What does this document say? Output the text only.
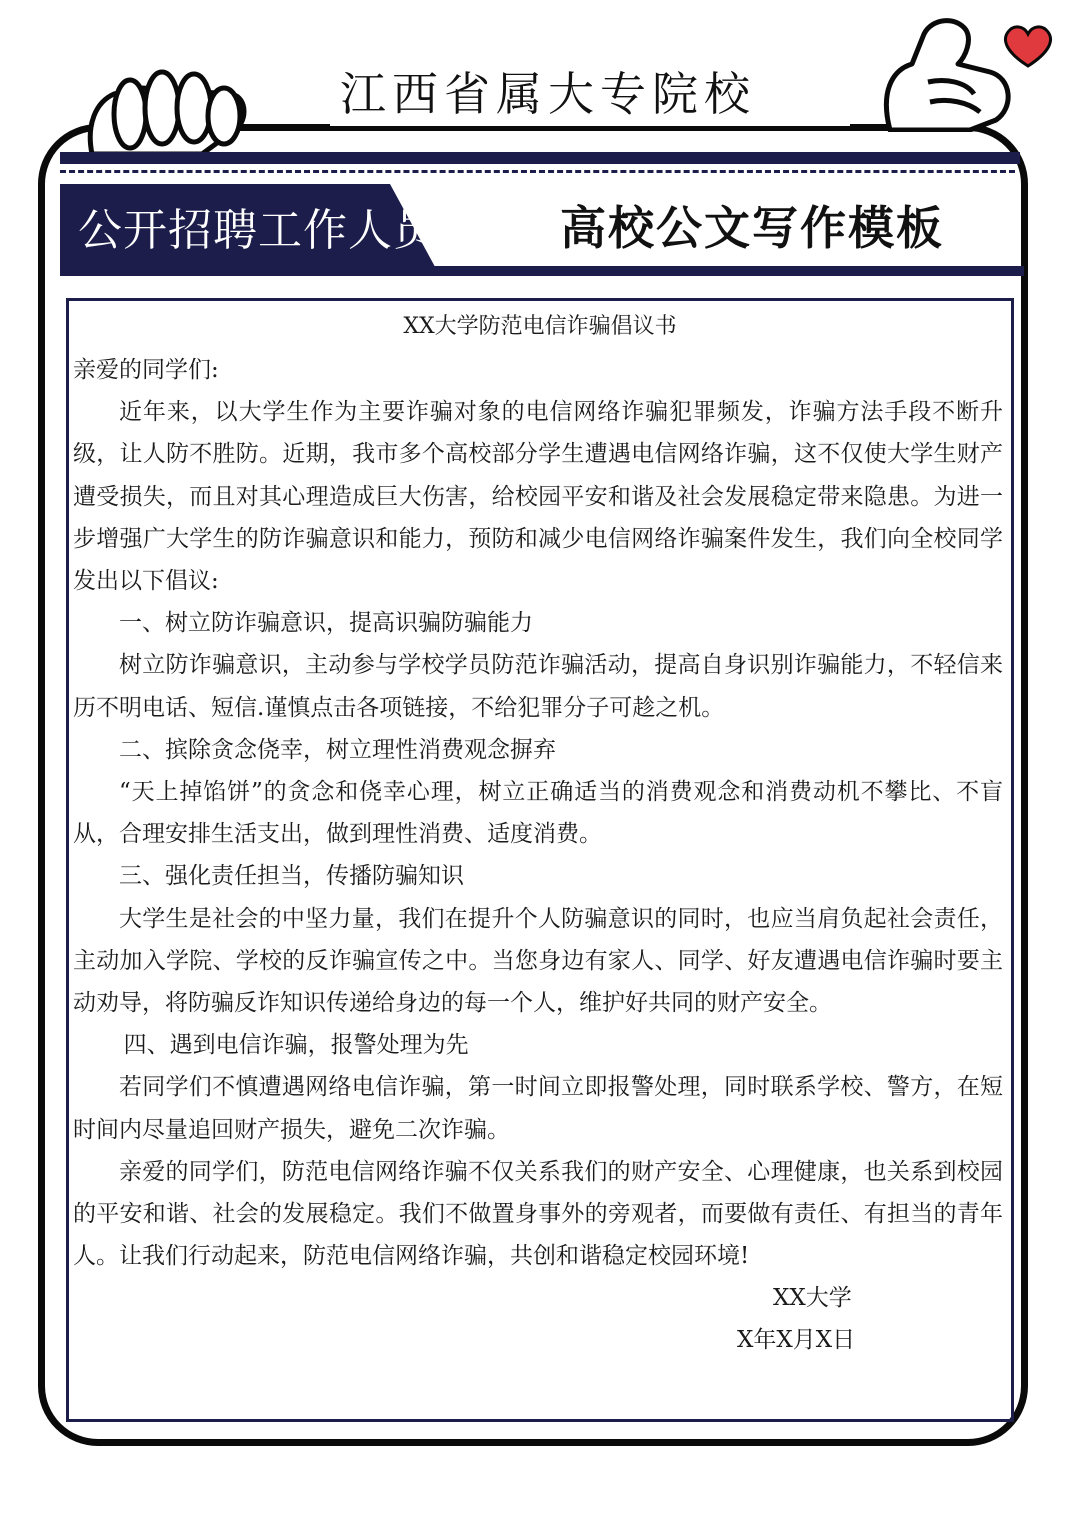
江西省属大专院校
公开招聘工作人员	高校公文写作模板
XX大学防范电信诈骗倡议书

亲爱的同学们:

近年来，以大学生作为主要诈骗对象的电信网络诈骗犯罪频发，诈骗方法手段不断升级，让人防不胜防。近期，我市多个高校部分学生遭遇电信网络诈骗，这不仅使大学生财产遭受损失，而且对其心理造成巨大伤害，给校园平安和谐及社会发展稳定带来隐患。为进一步增强广大学生的防诈骗意识和能力，预防和减少电信网络诈骗案件发生，我们向全校同学发出以下倡议:

一、树立防诈骗意识，提高识骗防骗能力

树立防诈骗意识，主动参与学校学员防范诈骗活动，提高自身识别诈骗能力，不轻信来历不明电话、短信.谨慎点击各项链接，不给犯罪分子可趁之机。

二、摈除贪念侥幸，树立理性消费观念摒弃

“天上掉馅饼”的贪念和侥幸心理，树立正确适当的消费观念和消费动机不攀比、不盲从，合理安排生活支出，做到理性消费、适度消费。

三、强化责任担当，传播防骗知识

大学生是社会的中坚力量，我们在提升个人防骗意识的同时，也应当肩负起社会责任，主动加入学院、学校的反诈骗宣传之中。当您身边有家人、同学、好友遭遇电信诈骗时要主动劝导，将防骗反诈知识传递给身边的每一个人，维护好共同的财产安全。

四、遇到电信诈骗，报警处理为先

若同学们不慎遭遇网络电信诈骗，第一时间立即报警处理，同时联系学校、警方，在短时间内尽量追回财产损失，避免二次诈骗。

亲爱的同学们，防范电信网络诈骗不仅关系我们的财产安全、心理健康，也关系到校园的平安和谐、社会的发展稳定。我们不做置身事外的旁观者，而要做有责任、有担当的青年人。让我们行动起来，防范电信网络诈骗，共创和谐稳定校园环境!

XX大学
X年X月X日
